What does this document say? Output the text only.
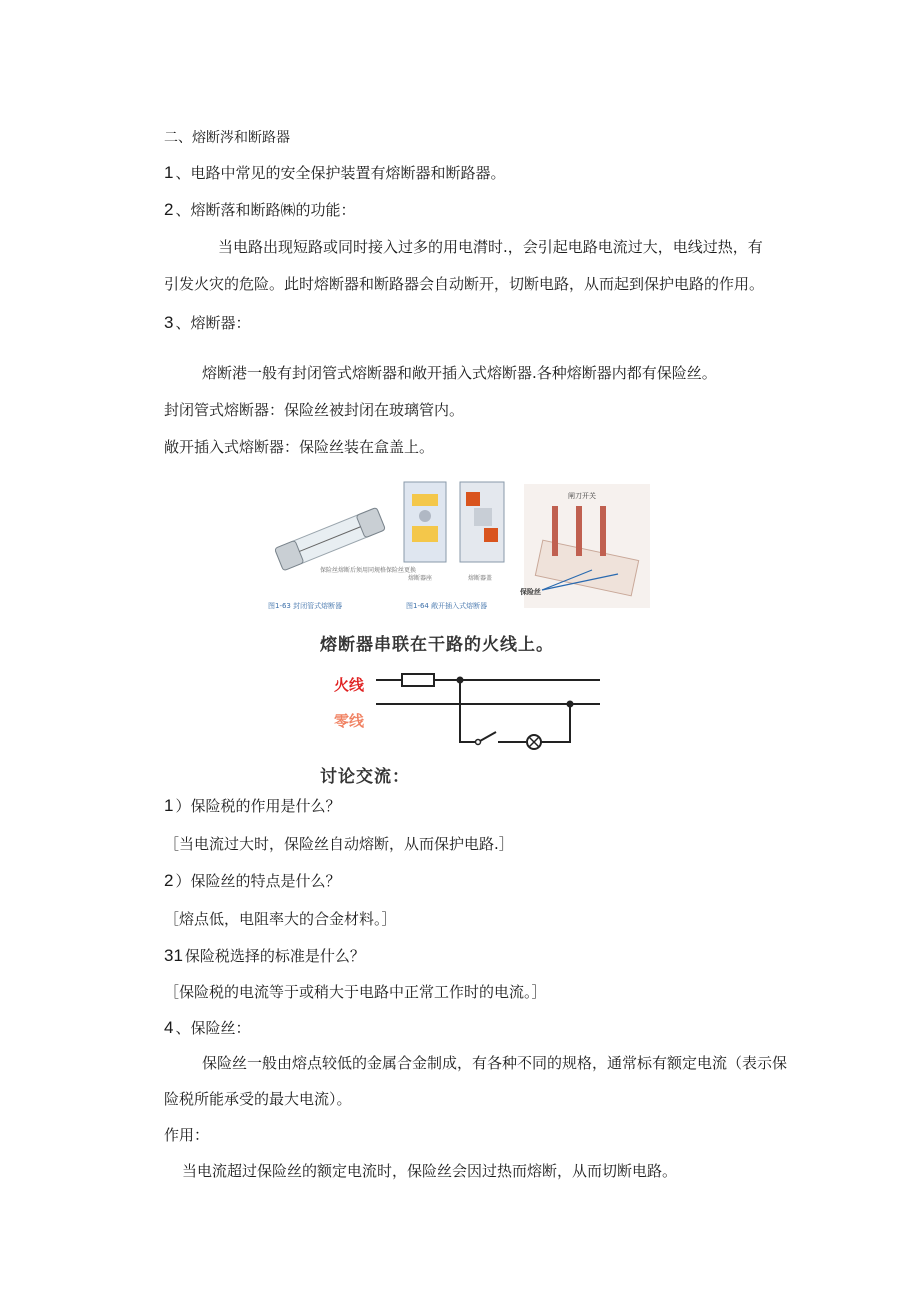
二、熔断涔和断路器
1 、电路中常见的安全保护装置有熔断器和断路器。
2 、熔断落和断路㈱的功能：
当电路出现短路或同时接入过多的用电潸时.，会引起电路电流过大，电线过热，有
引发火灾的危险。此时熔断器和断路器会自动断开，切断电路，从而起到保护电路的作用。
3 、熔断器：
熔断港一般有封闭管式熔断器和敞开插入式熔断器.各种熔断器内都有保险丝。
封闭管式熔断器：保险丝被封闭在玻璃管内。
敞开插入式熔断器：保险丝装在盒盖上。
保险丝熔断后须用同规格保险丝更换
图1-63 封闭管式熔断器
熔断器座	熔断器盖
图1-64 敞开插入式熔断器
闸刀开关
保险丝
熔断器串联在干路的火线上。
火线
零线
讨论交流：
1 ）保险税的作用是什么？
［当电流过大时，保险丝自动熔断，从而保护电路.］
2 ）保险丝的特点是什么？
［熔点低，电阻率大的合金材料。］
31 保险税选择的标准是什么？
［保险税的电流等于或稍大于电路中正常工作时的电流。］
4 、保险丝：
保险丝一般由熔点较低的金属合金制成，有各种不同的规格，通常标有额定电流（表示保
险税所能承受的最大电流）。
作用：
当电流超过保险丝的额定电流时，保险丝会因过热而熔断，从而切断电路。
